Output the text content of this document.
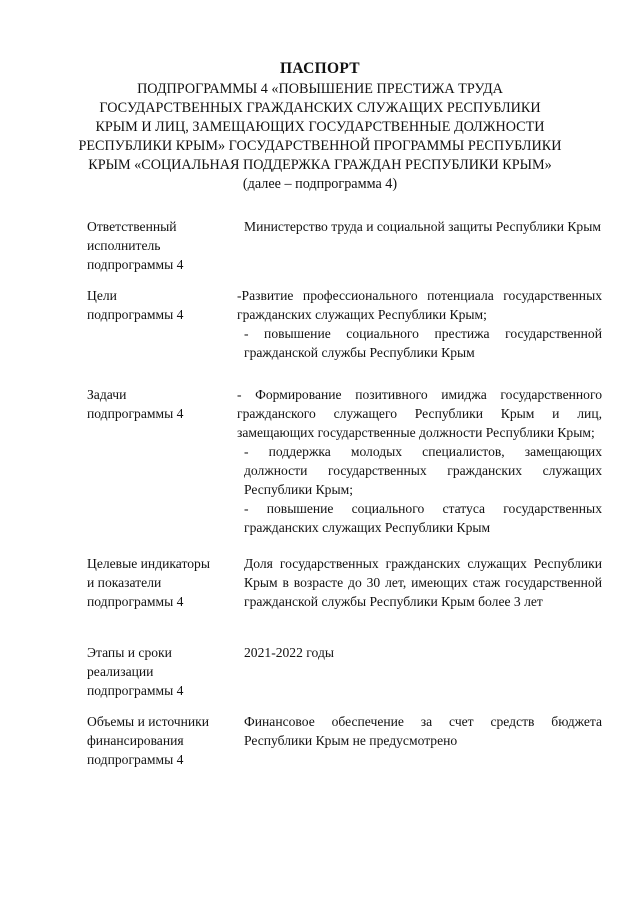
ПАСПОРТ
ПОДПРОГРАММЫ 4 «ПОВЫШЕНИЕ ПРЕСТИЖА ТРУДА
ГОСУДАРСТВЕННЫХ ГРАЖДАНСКИХ СЛУЖАЩИХ РЕСПУБЛИКИ
КРЫМ И ЛИЦ, ЗАМЕЩАЮЩИХ ГОСУДАРСТВЕННЫЕ ДОЛЖНОСТИ
РЕСПУБЛИКИ КРЫМ» ГОСУДАРСТВЕННОЙ ПРОГРАММЫ РЕСПУБЛИКИ
КРЫМ «СОЦИАЛЬНАЯ ПОДДЕРЖКА ГРАЖДАН РЕСПУБЛИКИ КРЫМ»
(далее – подпрограмма 4)
Ответственный
исполнитель
подпрограммы 4
Министерство труда и социальной защиты Республики Крым
Цели
подпрограммы 4
-Развитие профессионального потенциала государственных гражданских служащих Республики Крым;
- повышение социального престижа государственной гражданской службы Республики Крым
Задачи
подпрограммы 4
- Формирование позитивного имиджа государственного гражданского служащего Республики Крым и лиц, замещающих государственные должности Республики Крым;
- поддержка молодых специалистов, замещающих должности государственных гражданских служащих Республики Крым;
- повышение социального статуса государственных гражданских служащих Республики Крым
Целевые индикаторы
и показатели
подпрограммы 4
Доля государственных гражданских служащих Республики Крым в возрасте до 30 лет, имеющих стаж государственной гражданской службы Республики Крым более 3 лет
Этапы и сроки
реализации
подпрограммы 4
2021-2022 годы
Объемы и источники
финансирования
подпрограммы 4
Финансовое обеспечение за счет средств бюджета Республики Крым не предусмотрено
